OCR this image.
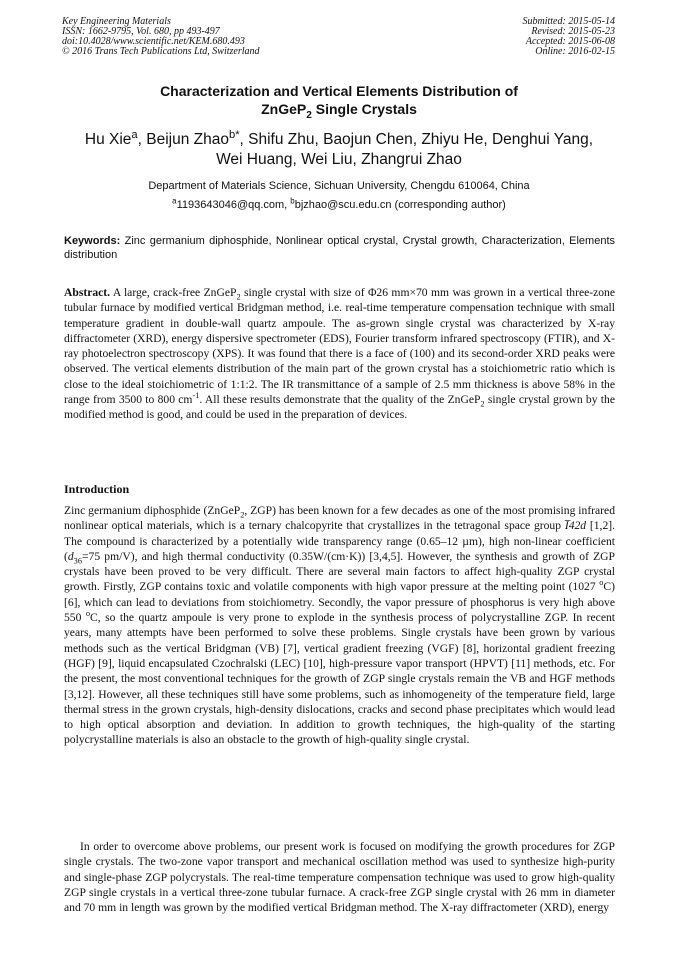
Key Engineering Materials
ISSN: 1662-9795, Vol. 680, pp 493-497
doi:10.4028/www.scientific.net/KEM.680.493
© 2016 Trans Tech Publications Ltd, Switzerland
Submitted: 2015-05-14
Revised: 2015-05-23
Accepted: 2015-06-08
Online: 2016-02-15
Characterization and Vertical Elements Distribution of
ZnGeP$_2$ Single Crystals
Hu Xie$^a$, Beijun Zhao$^{b*}$, Shifu Zhu, Baojun Chen, Zhiyu He, Denghui Yang,
Wei Huang, Wei Liu, Zhangrui Zhao
Department of Materials Science, Sichuan University, Chengdu 610064, China
$^a$1193643046@qq.com, $^b$bjzhao@scu.edu.cn (corresponding author)
Keywords: Zinc germanium diphosphide, Nonlinear optical crystal, Crystal growth, Characterization, Elements distribution
Abstract. A large, crack-free ZnGeP$_2$ single crystal with size of Φ26 mm×70 mm was grown in a vertical three-zone tubular furnace by modified vertical Bridgman method, i.e. real-time temperature compensation technique with small temperature gradient in double-wall quartz ampoule. The as-grown single crystal was characterized by X-ray diffractometer (XRD), energy dispersive spectrometer (EDS), Fourier transform infrared spectroscopy (FTIR), and X-ray photoelectron spectroscopy (XPS). It was found that there is a face of (100) and its second-order XRD peaks were observed. The vertical elements distribution of the main part of the grown crystal has a stoichiometric ratio which is close to the ideal stoichiometric of 1:1:2. The IR transmittance of a sample of 2.5 mm thickness is above 58% in the range from 3500 to 800 $cm^{-1}$. All these results demonstrate that the quality of the ZnGeP$_2$ single crystal grown by the modified method is good, and could be used in the preparation of devices.
Introduction
Zinc germanium diphosphide (ZnGeP$_2$, ZGP) has been known for a few decades as one of the most promising infrared nonlinear optical materials, which is a ternary chalcopyrite that crystallizes in the tetragonal space group I̅42d [1,2]. The compound is characterized by a potentially wide transparency range (0.65–12 µm), high non-linear coefficient ($d_{36}=75$ pm/V), and high thermal conductivity (0.35W/(cm·K)) [3,4,5]. However, the synthesis and growth of ZGP crystals have been proved to be very difficult. There are several main factors to affect high-quality ZGP crystal growth. Firstly, ZGP contains toxic and volatile components with high vapor pressure at the melting point (1027 $^o$C) [6], which can lead to deviations from stoichiometry. Secondly, the vapor pressure of phosphorus is very high above 550 $^o$C, so the quartz ampoule is very prone to explode in the synthesis process of polycrystalline ZGP. In recent years, many attempts have been performed to solve these problems. Single crystals have been grown by various methods such as the vertical Bridgman (VB) [7], vertical gradient freezing (VGF) [8], horizontal gradient freezing (HGF) [9], liquid encapsulated Czochralski (LEC) [10], high-pressure vapor transport (HPVT) [11] methods, etc. For the present, the most conventional techniques for the growth of ZGP single crystals remain the VB and HGF methods [3,12]. However, all these techniques still have some problems, such as inhomogeneity of the temperature field, large thermal stress in the grown crystals, high-density dislocations, cracks and second phase precipitates which would lead to high optical absorption and deviation. In addition to growth techniques, the high-quality of the starting polycrystalline materials is also an obstacle to the growth of high-quality single crystal.
In order to overcome above problems, our present work is focused on modifying the growth procedures for ZGP single crystals. The two-zone vapor transport and mechanical oscillation method was used to synthesize high-purity and single-phase ZGP polycrystals. The real-time temperature compensation technique was used to grow high-quality ZGP single crystals in a vertical three-zone tubular furnace. A crack-free ZGP single crystal with 26 mm in diameter and 70 mm in length was grown by the modified vertical Bridgman method. The X-ray diffractometer (XRD), energy
